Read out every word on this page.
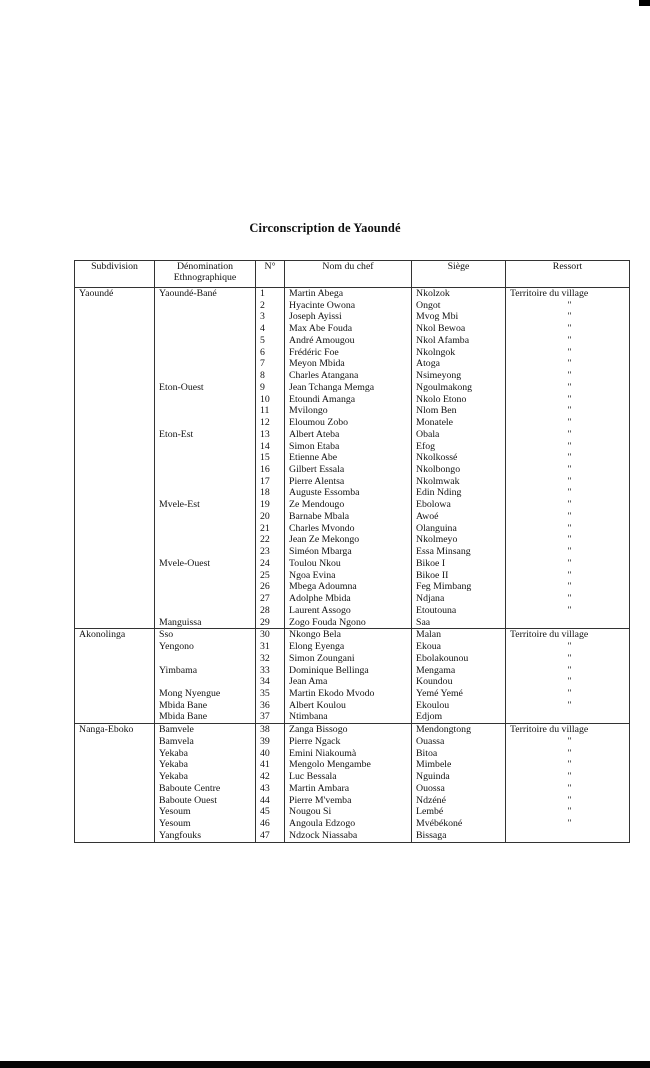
Circonscription de Yaoundé
Subdivision	Dénomination Ethnographique	N°	Nom du chef	Siège	Ressort
Yaoundé	Yaoundé-Bané	1	Martin Abega	Nkolzok	Territoire du village
		2	Hyacinte Owona	Ongot	"
		3	Joseph Ayissi	Mvog Mbi	"
		4	Max Abe Fouda	Nkol Bewoa	"
		5	André Amougou	Nkol Afamba	"
		6	Frédéric Foe	Nkolngok	"
		7	Meyon Mbida	Atoga	"
		8	Charles Atangana	Nsimeyong	"
	Eton-Ouest	9	Jean Tchanga Memga	Ngoulmakong	"
		10	Etoundi Amanga	Nkolo Etono	"
		11	Mvilongo	Nlom Ben	"
		12	Eloumou Zobo	Monatele	"
	Eton-Est	13	Albert Ateba	Obala	"
		14	Simon Etaba	Efog	"
		15	Etienne Abe	Nkolkossé	"
		16	Gilbert Essala	Nkolbongo	"
		17	Pierre Alentsa	Nkolmwak	"
		18	Auguste Essomba	Edin Nding	"
	Mvele-Est	19	Ze Mendougo	Ebolowa	"
		20	Barnabe Mbala	Awoé	"
		21	Charles Mvondo	Olanguina	"
		22	Jean Ze Mekongo	Nkolmeyo	"
		23	Siméon Mbarga	Essa Minsang	"
	Mvele-Ouest	24	Toulou Nkou	Bikoe I	"
		25	Ngoa Evina	Bikoe II	"
		26	Mbega Adoumna	Feg Mimbang	"
		27	Adolphe Mbida	Ndjana	"
		28	Laurent Assogo	Etoutouna	"
	Manguissa	29	Zogo Fouda Ngono	Saa	
Akonolinga	Sso	30	Nkongo Bela	Malan	Territoire du village
	Yengono	31	Elong Eyenga	Ekoua	"
		32	Simon Zoungani	Ebolakounou	"
	Yimbama	33	Dominique Bellinga	Mengama	"
		34	Jean Ama	Koundou	"
	Mong Nyengue	35	Martin Ekodo Mvodo	Yemé Yemé	"
	Mbida Bane	36	Albert Koulou	Ekoulou	"
	Mbida Bane	37	Ntimbana	Edjom	
Nanga-Eboko	Bamvele	38	Zanga Bissogo	Mendongtong	Territoire du village
	Bamvela	39	Pierre Ngack	Ouassa	"
	Yekaba	40	Emini Niakoumà	Bitoa	"
	Yekaba	41	Mengolo Mengambe	Mimbele	"
	Yekaba	42	Luc Bessala	Nguinda	"
	Baboute Centre	43	Martin Ambara	Ouossa	"
	Baboute Ouest	44	Pierre M'vemba	Ndzéné	"
	Yesoum	45	Nougou Si	Lembé	"
	Yesoum	46	Angoula Edzogo	Mvébékoné	"
	Yangfouks	47	Ndzock Niassaba	Bissaga	
